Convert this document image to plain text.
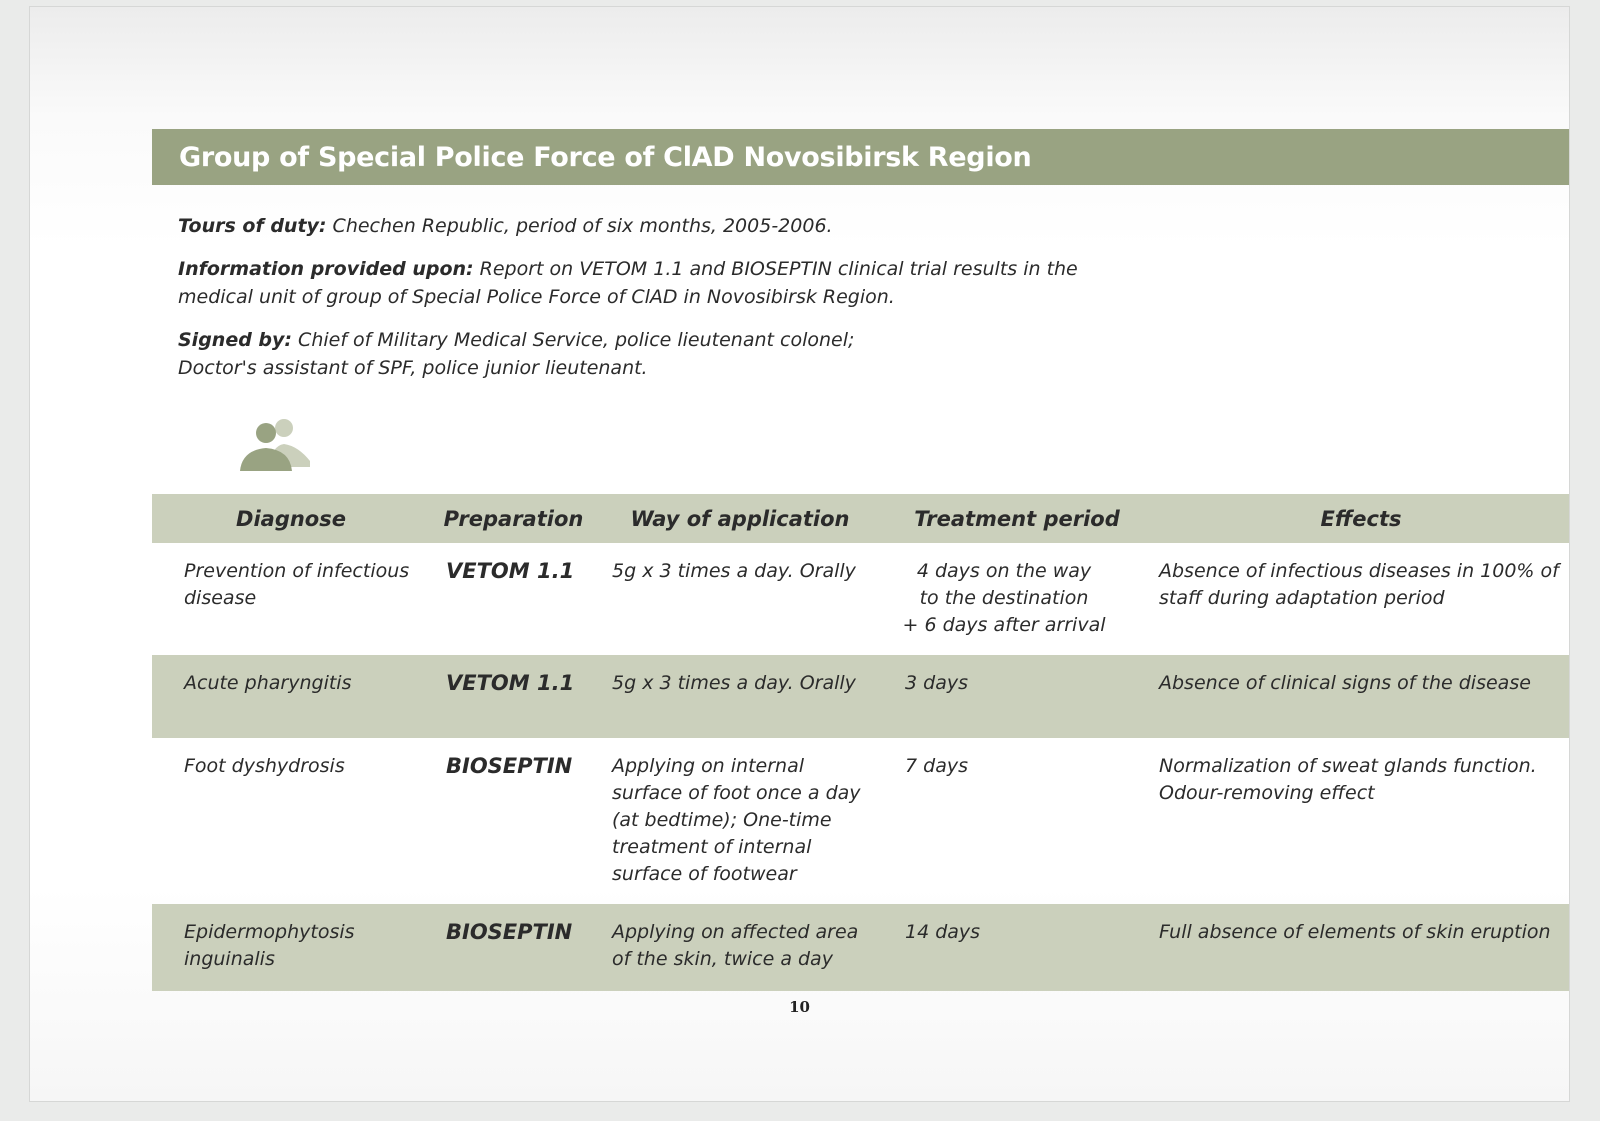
Group of Special Police Force of ClAD Novosibirsk Region

Tours of duty: Chechen Republic, period of six months, 2005-2006.

Information provided upon: Report on VETOM 1.1 and BIOSEPTIN clinical trial results in the medical unit of group of Special Police Force of ClAD in Novosibirsk Region.

Signed by: Chief of Military Medical Service, police lieutenant colonel;
Doctor's assistant of SPF, police junior lieutenant.

Diagnose	Preparation	Way of application	Treatment period	Effects
Prevention of infectious disease	VETOM 1.1	5g x 3 times a day. Orally	4 days on the way
to the destination
+ 6 days after arrival	Absence of infectious diseases in 100% of staff during adaptation period
Acute pharyngitis	VETOM 1.1	5g x 3 times a day. Orally	3 days	Absence of clinical signs of the disease
Foot dyshydrosis	BIOSEPTIN	Applying on internal surface of foot once a day (at bedtime); One-time treatment of internal surface of footwear	7 days	Normalization of sweat glands function. Odour-removing effect
Epidermophytosis inguinalis	BIOSEPTIN	Applying on affected area of the skin, twice a day	14 days	Full absence of elements of skin eruption
10
